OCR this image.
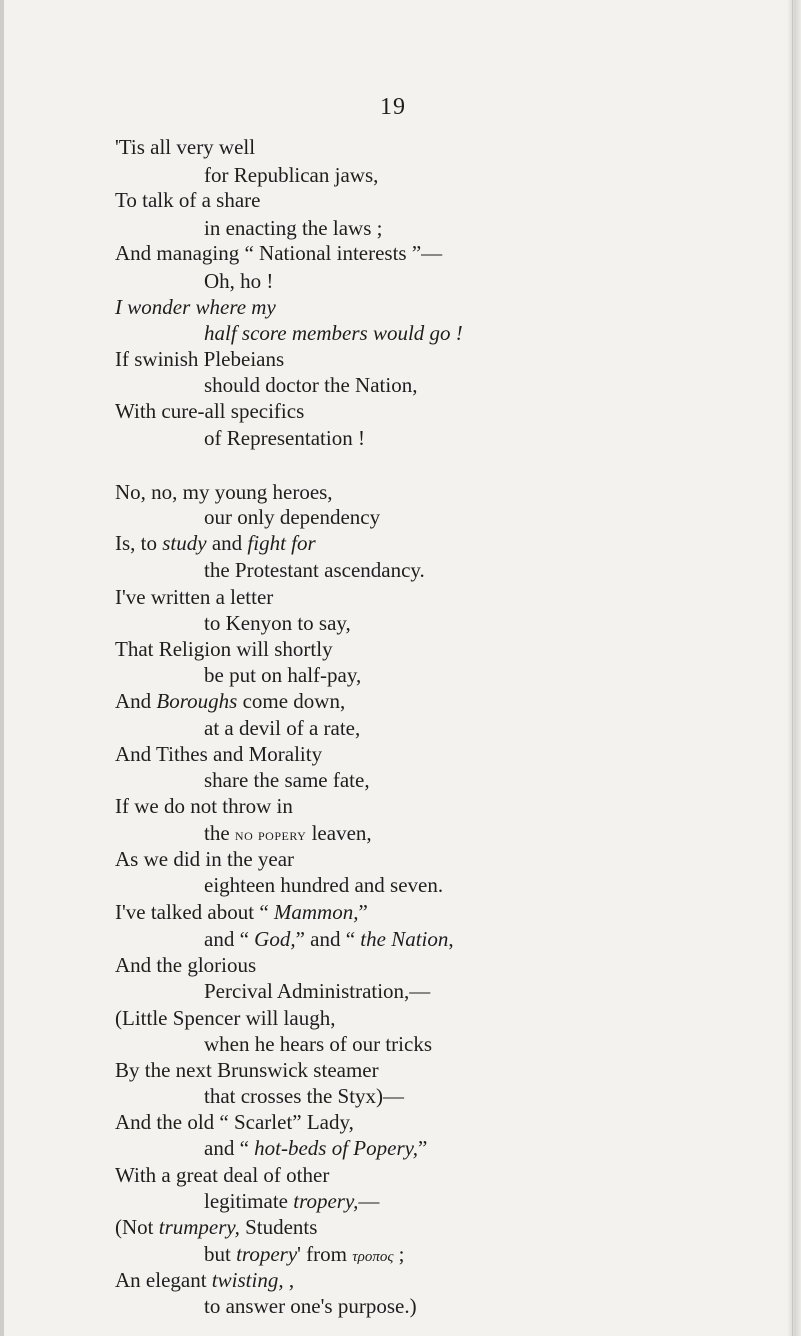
19
'Tis all very well
for Republican jaws,
To talk of a share
in enacting the laws ;
And managing “ National interests ”—
Oh, ho !
I wonder where my
half score members would go !
If swinish Plebeians
should doctor the Nation,
With cure-all specifics
of Representation !
No, no, my young heroes,
our only dependency
Is, to study and fight for
the Protestant ascendancy.
I've written a letter
to Kenyon to say,
That Religion will shortly
be put on half-pay,
And Boroughs come down,
at a devil of a rate,
And Tithes and Morality
share the same fate,
If we do not throw in
the no popery leaven,
As we did in the year
eighteen hundred and seven.
I've talked about “ Mammon,”
and “ God,” and “ the Nation,
And the glorious
Percival Administration,—
(Little Spencer will laugh,
when he hears of our tricks
By the next Brunswick steamer
that crosses the Styx)—
And the old “ Scarlet” Lady,
and “ hot-beds of Popery,”
With a great deal of other
legitimate tropery,—
(Not trumpery, Students
but tropery' from τρoπoς ;
An elegant twisting, ,
to answer one's purpose.)
